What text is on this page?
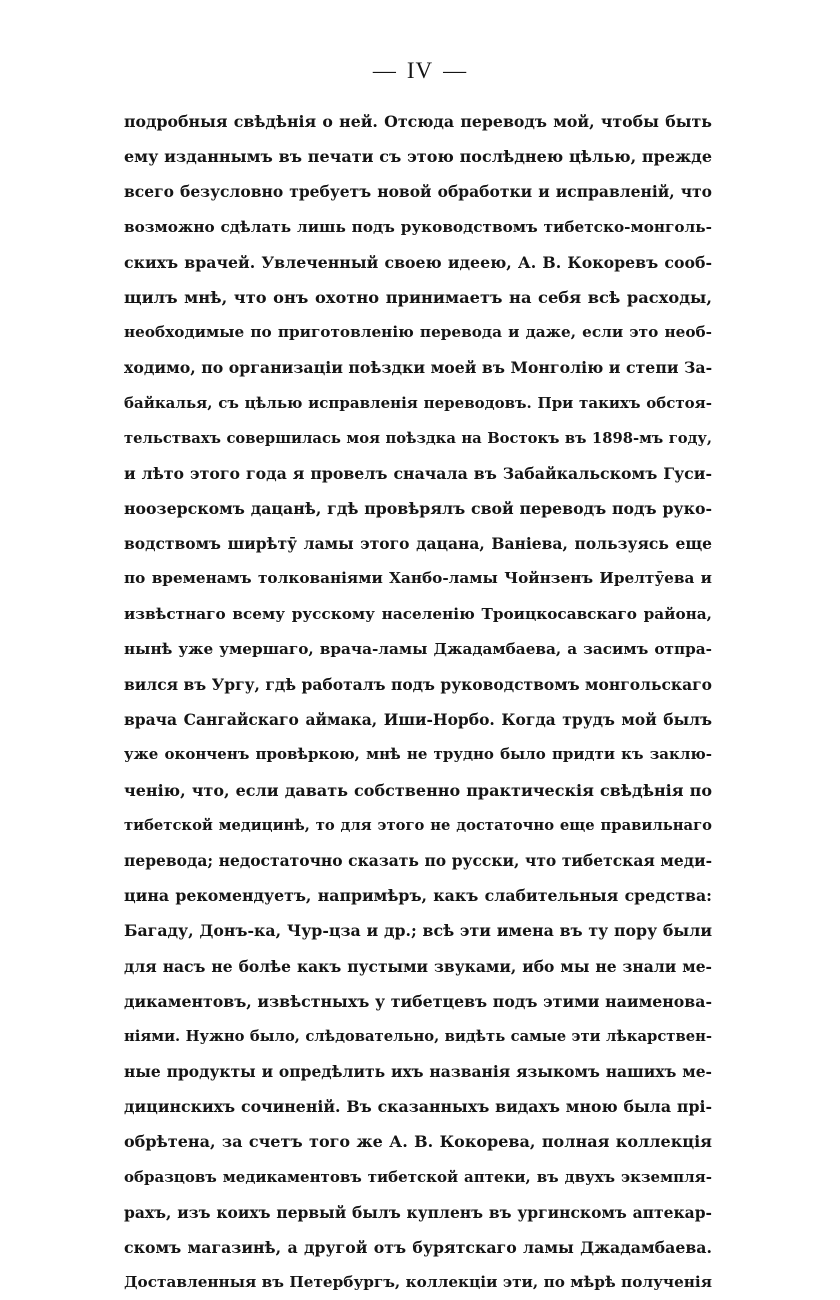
— IV —
подробныя свѣдѣнія о ней. Отсюда переводъ мой, чтобы быть
ему изданнымъ въ печати съ этою послѣднею цѣлью, прежде
всего безусловно требуетъ новой обработки и исправленій, что
возможно сдѣлать лишь подъ руководствомъ тибетско-монголь-
скихъ врачей. Увлеченный своею идеею, А. В. Кокоревъ сооб-
щилъ мнѣ, что онъ охотно принимаетъ на себя всѣ расходы,
необходимые по приготовленію перевода и даже, если это необ-
ходимо, по организаціи поѣздки моей въ Монголію и степи За-
байкалья, съ цѣлью исправленія переводовъ. При такихъ обстоя-
тельствахъ совершилась моя поѣздка на Востокъ въ 1898-мъ году,
и лѣто этого года я провелъ сначала въ Забайкальскомъ Гуси-
ноозерскомъ дацанѣ, гдѣ провѣрялъ свой переводъ подъ руко-
водствомъ ширѣтӯ ламы этого дацана, Ваніева, пользуясь еще
по временамъ толкованіями Ханбо-ламы Чойнзенъ Ирелтӯева и
извѣстнаго всему русскому населенію Троицкосавскаго района,
нынѣ уже умершаго, врача-ламы Джадамбаева, а засимъ отпра-
вился въ Ургу, гдѣ работалъ подъ руководствомъ монгольскаго
врача Сангайскаго аймака, Иши-Норбо. Когда трудъ мой былъ
уже оконченъ провѣркою, мнѣ не трудно было придти къ заклю-
ченію, что, если давать собственно практическія свѣдѣнія по
тибетской медицинѣ, то для этого не достаточно еще правильнаго
перевода; недостаточно сказать по русски, что тибетская меди-
цина рекомендуетъ, напримѣръ, какъ слабительныя средства:
Багаду, Донъ-ка, Чур-цза и др.; всѣ эти имена въ ту пору были
для насъ не болѣе какъ пустыми звуками, ибо мы не знали ме-
дикаментовъ, извѣстныхъ у тибетцевъ подъ этими наименова-
ніями. Нужно было, слѣдовательно, видѣть самые эти лѣкарствен-
ные продукты и опредѣлить ихъ названія языкомъ нашихъ ме-
дицинскихъ сочиненій. Въ сказанныхъ видахъ мною была прі-
обрѣтена, за счетъ того же А. В. Кокорева, полная коллекція
образцовъ медикаментовъ тибетской аптеки, въ двухъ экземпля-
рахъ, изъ коихъ первый былъ купленъ въ ургинскомъ аптекар-
скомъ магазинѣ, а другой отъ бурятскаго ламы Джадамбаева.
Доставленныя въ Петербургъ, коллекціи эти, по мѣрѣ полученія
